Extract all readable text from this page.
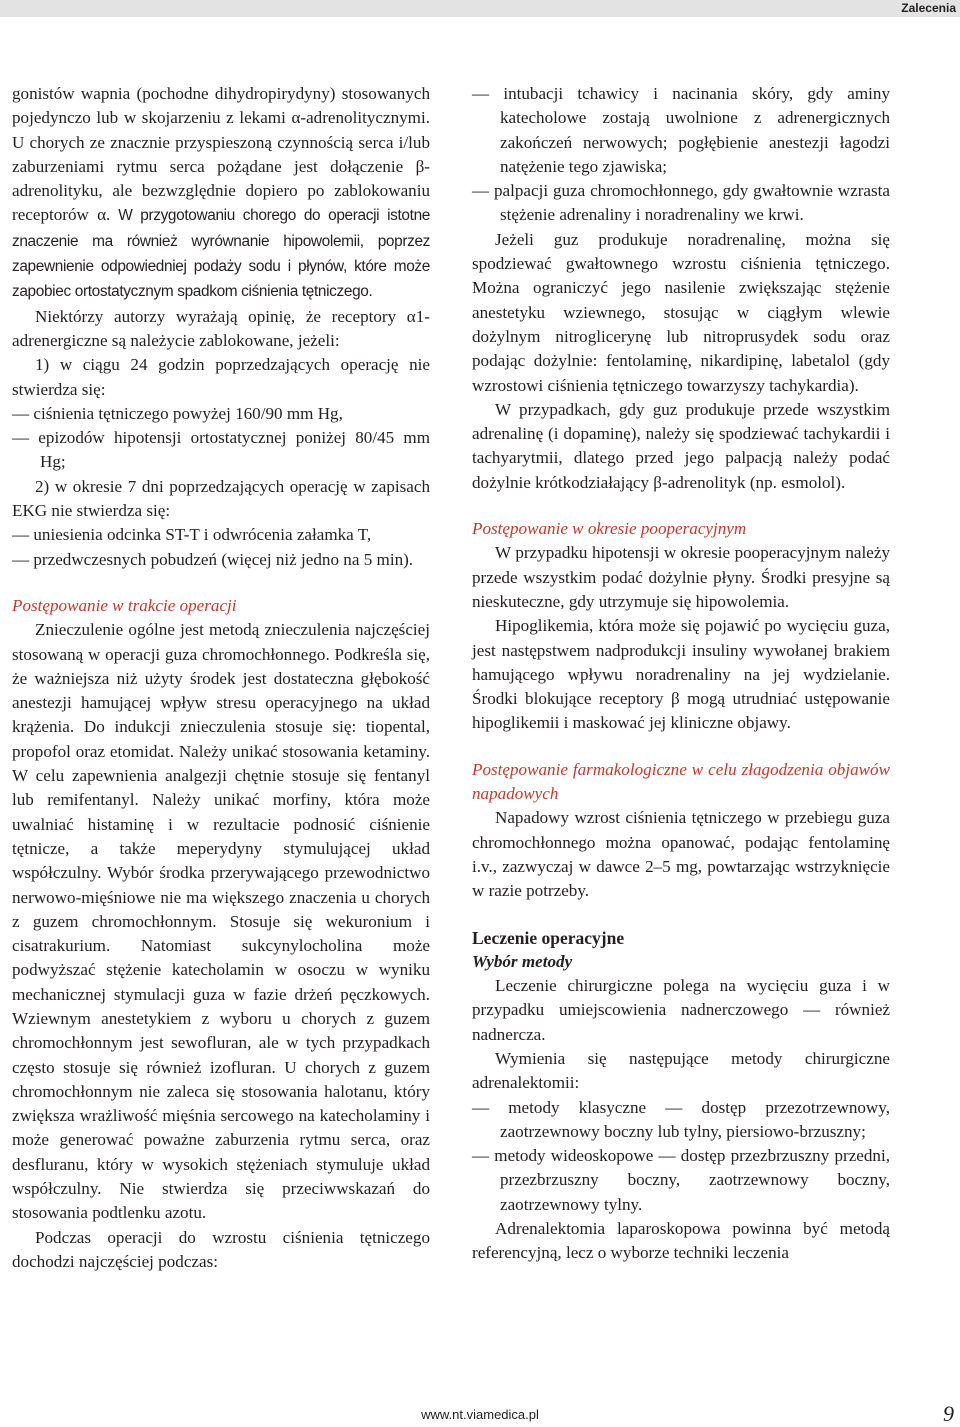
Zalecenia

gonistów wapnia (pochodne dihydropirydyny) stosowanych pojedynczo lub w skojarzeniu z lekami α-adrenolitycznymi. U chorych ze znacznie przyspieszoną czynnością serca i/lub zaburzeniami rytmu serca pożądane jest dołączenie β-adrenolityku, ale bezwzględnie dopiero po zablokowaniu receptorów α. W przygotowaniu chorego do operacji istotne znaczenie ma również wyrównanie hipowolemii, poprzez zapewnienie odpowiedniej podaży sodu i płynów, które może zapobiec ortostatycznym spadkom ciśnienia tętniczego.

Niektórzy autorzy wyrażają opinię, że receptory α1-adrenergiczne są należycie zablokowane, jeżeli:

1) w ciągu 24 godzin poprzedzających operację nie stwierdza się:

— ciśnienia tętniczego powyżej 160/90 mm Hg,

— epizodów hipotensji ortostatycznej poniżej 80/45 mm Hg;

2) w okresie 7 dni poprzedzających operację w zapisach EKG nie stwierdza się:

— uniesienia odcinka ST-T i odwrócenia załamka T,

— przedwczesnych pobudzeń (więcej niż jedno na 5 min).

Postępowanie w trakcie operacji

Znieczulenie ogólne jest metodą znieczulenia najczęściej stosowaną w operacji guza chromochłonnego. Podkreśla się, że ważniejsza niż użyty środek jest dostateczna głębokość anestezji hamującej wpływ stresu operacyjnego na układ krążenia. Do indukcji znieczulenia stosuje się: tiopental, propofol oraz etomidat. Należy unikać stosowania ketaminy. W celu zapewnienia analgezji chętnie stosuje się fentanyl lub remifentanyl. Należy unikać morfiny, która może uwalniać histaminę i w rezultacie podnosić ciśnienie tętnicze, a także meperydyny stymulującej układ współczulny. Wybór środka przerywającego przewodnictwo nerwowo-mięśniowe nie ma większego znaczenia u chorych z guzem chromochłonnym. Stosuje się wekuronium i cisatrakurium. Natomiast sukcynylocholina może podwyższać stężenie katecholamin w osoczu w wyniku mechanicznej stymulacji guza w fazie drżeń pęczkowych. Wziewnym anestetykiem z wyboru u chorych z guzem chromochłonnym jest sewofluran, ale w tych przypadkach często stosuje się również izofluran. U chorych z guzem chromochłonnym nie zaleca się stosowania halotanu, który zwiększa wrażliwość mięśnia sercowego na katecholaminy i może generować poważne zaburzenia rytmu serca, oraz desfluranu, który w wysokich stężeniach stymuluje układ współczulny. Nie stwierdza się przeciwwskazań do stosowania podtlenku azotu.

Podczas operacji do wzrostu ciśnienia tętniczego dochodzi najczęściej podczas:

— intubacji tchawicy i nacinania skóry, gdy aminy katecholowe zostają uwolnione z adrenergicznych zakończeń nerwowych; pogłębienie anestezji łagodzi natężenie tego zjawiska;

— palpacji guza chromochłonnego, gdy gwałtownie wzrasta stężenie adrenaliny i noradrenaliny we krwi.

Jeżeli guz produkuje noradrenalinę, można się spodziewać gwałtownego wzrostu ciśnienia tętniczego. Można ograniczyć jego nasilenie zwiększając stężenie anestetyku wziewnego, stosując w ciągłym wlewie dożylnym nitroglicerynę lub nitroprusydek sodu oraz podając dożylnie: fentolaminę, nikardipinę, labetalol (gdy wzrostowi ciśnienia tętniczego towarzyszy tachykardia).

W przypadkach, gdy guz produkuje przede wszystkim adrenalinę (i dopaminę), należy się spodziewać tachykardii i tachyarytmii, dlatego przed jego palpacją należy podać dożylnie krótkodziałający β-adrenolityk (np. esmolol).

Postępowanie w okresie pooperacyjnym

W przypadku hipotensji w okresie pooperacyjnym należy przede wszystkim podać dożylnie płyny. Środki presyjne są nieskuteczne, gdy utrzymuje się hipowolemia.

Hipoglikemia, która może się pojawić po wycięciu guza, jest następstwem nadprodukcji insuliny wywołanej brakiem hamującego wpływu noradrenaliny na jej wydzielanie. Środki blokujące receptory β mogą utrudniać ustępowanie hipoglikemii i maskować jej kliniczne objawy.

Postępowanie farmakologiczne w celu złagodzenia objawów napadowych

Napadowy wzrost ciśnienia tętniczego w przebiegu guza chromochłonnego można opanować, podając fentolaminę i.v., zazwyczaj w dawce 2–5 mg, powtarzając wstrzyknięcie w razie potrzeby.

Leczenie operacyjne
Wybór metody

Leczenie chirurgiczne polega na wycięciu guza i w przypadku umiejscowienia nadnerczowego — również nadnercza.

Wymienia się następujące metody chirurgiczne adrenalektomii:

— metody klasyczne — dostęp przezotrzewnowy, zaotrzewnowy boczny lub tylny, piersiowo-brzuszny;

— metody wideoskopowe — dostęp przezbrzuszny przedni, przezbrzuszny boczny, zaotrzewnowy boczny, zaotrzewnowy tylny.

Adrenalektomia laparoskopowa powinna być metodą referencyjną, lecz o wyborze techniki leczenia

www.nt.viamedica.pl	9
